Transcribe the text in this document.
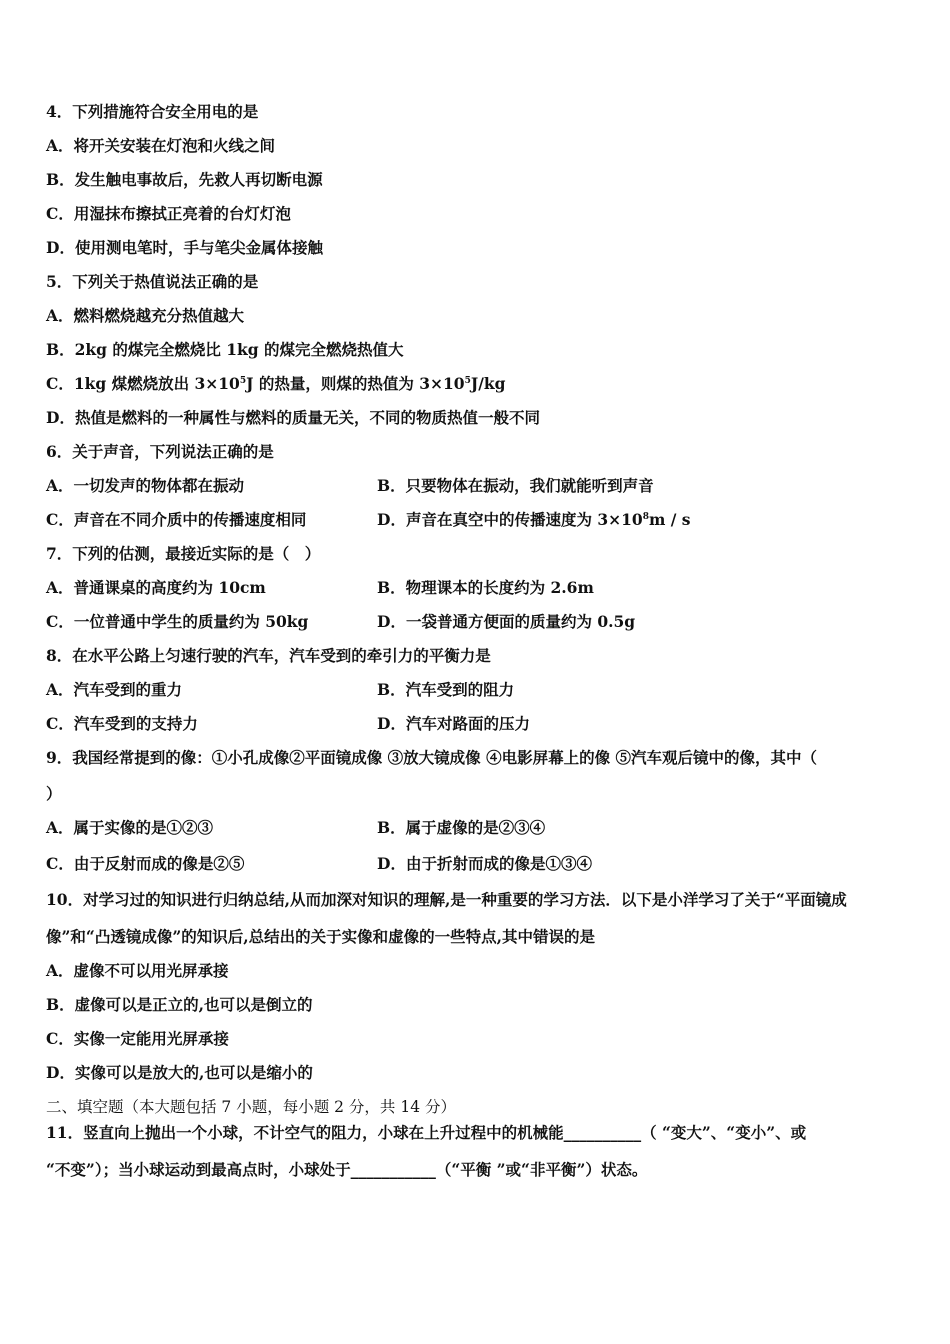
4．下列措施符合安全用电的是
A．将开关安装在灯泡和火线之间
B．发生触电事故后，先救人再切断电源
C．用湿抹布擦拭正亮着的台灯灯泡
D．使用测电笔时，手与笔尖金属体接触
5．下列关于热值说法正确的是
A．燃料燃烧越充分热值越大
B．2kg 的煤完全燃烧比 1kg 的煤完全燃烧热值大
C．1kg 煤燃烧放出 $3\times 10^5J$ 的热量，则煤的热值为 $3\times 10^5J/kg$
D．热值是燃料的一种属性与燃料的质量无关，不同的物质热值一般不同
6．关于声音，下列说法正确的是
A．一切发声的物体都在振动	B．只要物体在振动，我们就能听到声音
C．声音在不同介质中的传播速度相同	D．声音在真空中的传播速度为 $3\times 10^8m / s$
7．下列的估测，最接近实际的是（　）
A．普通课桌的高度约为 10cm	B．物理课本的长度约为 2.6m
C．一位普通中学生的质量约为 50kg	D．一袋普通方便面的质量约为 0.5g
8．在水平公路上匀速行驶的汽车，汽车受到的牵引力的平衡力是
A．汽车受到的重力	B．汽车受到的阻力
C．汽车受到的支持力	D．汽车对路面的压力
9．我国经常提到的像：①小孔成像②平面镜成像 ③放大镜成像 ④电影屏幕上的像 ⑤汽车观后镜中的像，其中（
）
A．属于实像的是①②③	B．属于虚像的是②③④
C．由于反射而成的像是②⑤	D．由于折射而成的像是①③④
10．对学习过的知识进行归纳总结,从而加深对知识的理解,是一种重要的学习方法．以下是小洋学习了关于“平面镜成
像”和“凸透镜成像”的知识后,总结出的关于实像和虚像的一些特点,其中错误的是
A．虚像不可以用光屏承接
B．虚像可以是正立的,也可以是倒立的
C．实像一定能用光屏承接
D．实像可以是放大的,也可以是缩小的
二、填空题（本大题包括 7 小题，每小题 2 分，共 14 分）
11．竖直向上抛出一个小球，不计空气的阻力，小球在上升过程中的机械能__________（ “变大”、“变小”、或
“不变”）；当小球运动到最高点时，小球处于___________（“平衡 ”或“非平衡”）状态。
